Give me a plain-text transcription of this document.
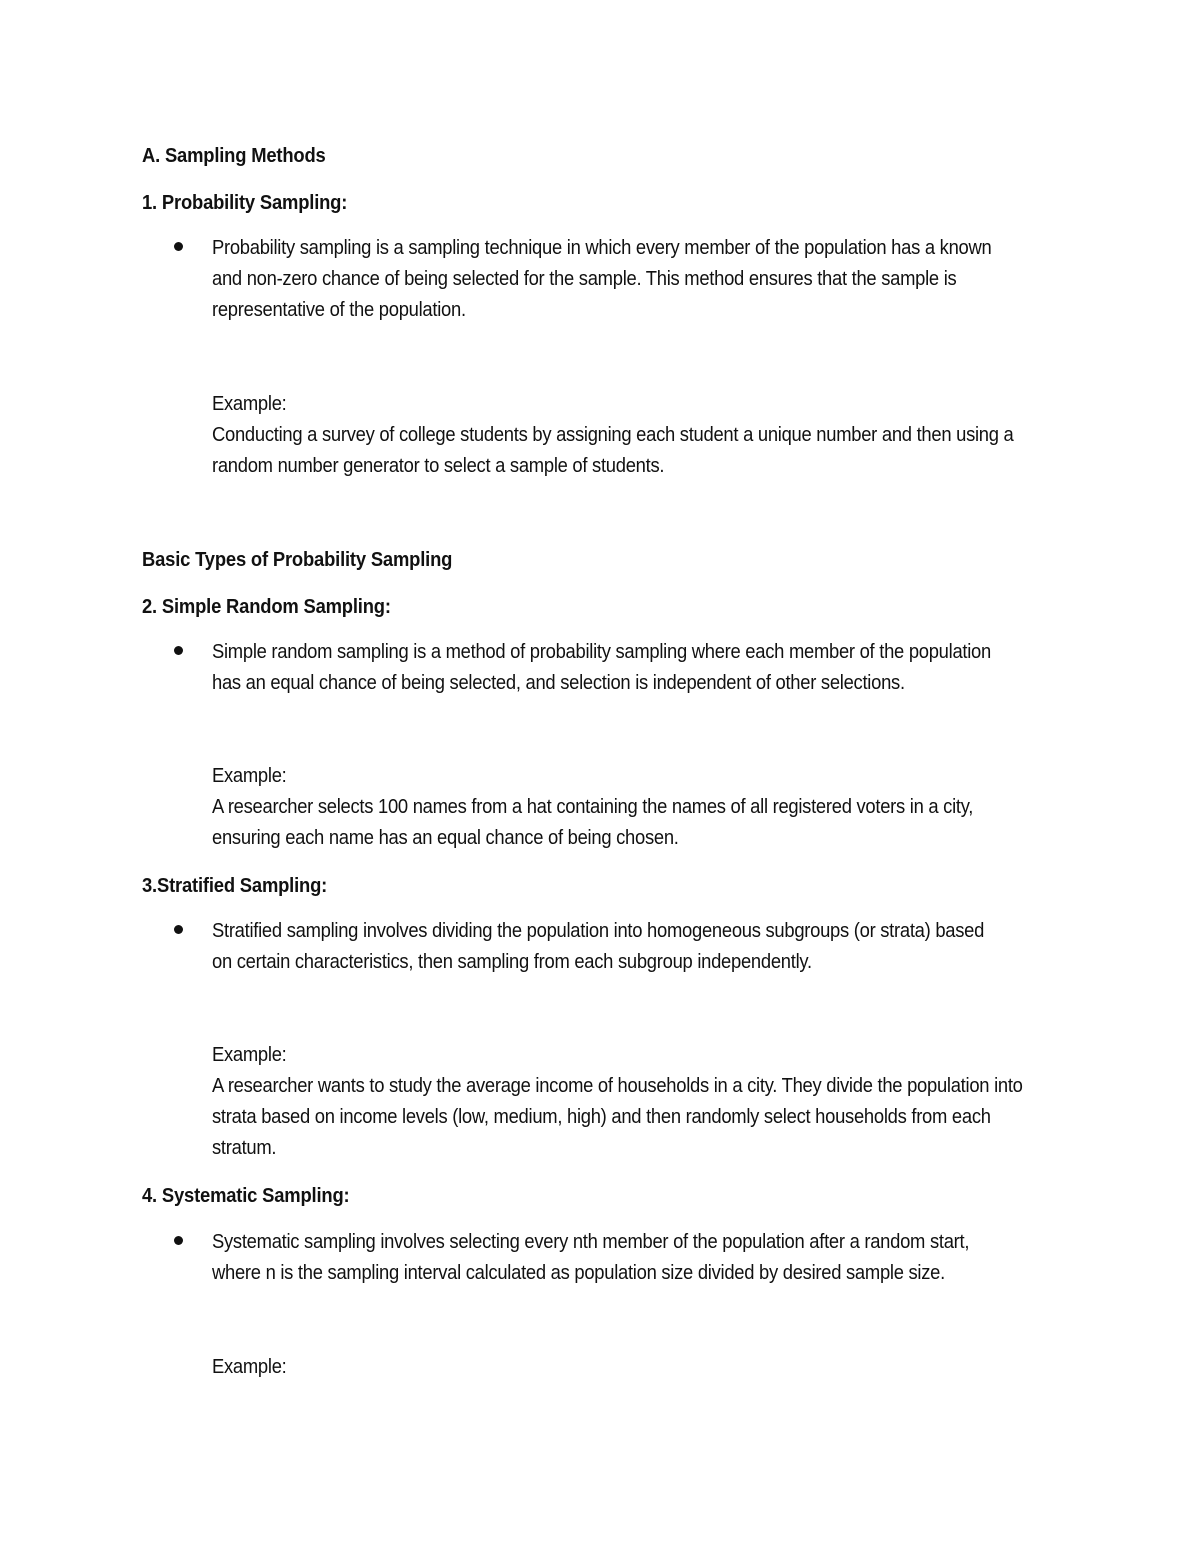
A. Sampling Methods
1. Probability Sampling:
Probability sampling is a sampling technique in which every member of the population has a known and non-zero chance of being selected for the sample. This method ensures that the sample is representative of the population.
Example:
Conducting a survey of college students by assigning each student a unique number and then using a random number generator to select a sample of students.
Basic Types of Probability Sampling
2. Simple Random Sampling:
Simple random sampling is a method of probability sampling where each member of the population has an equal chance of being selected, and selection is independent of other selections.
Example:
A researcher selects 100 names from a hat containing the names of all registered voters in a city, ensuring each name has an equal chance of being chosen.
3.Stratified Sampling:
Stratified sampling involves dividing the population into homogeneous subgroups (or strata) based on certain characteristics, then sampling from each subgroup independently.
Example:
A researcher wants to study the average income of households in a city. They divide the population into strata based on income levels (low, medium, high) and then randomly select households from each stratum.
4. Systematic Sampling:
Systematic sampling involves selecting every nth member of the population after a random start, where n is the sampling interval calculated as population size divided by desired sample size.
Example:
